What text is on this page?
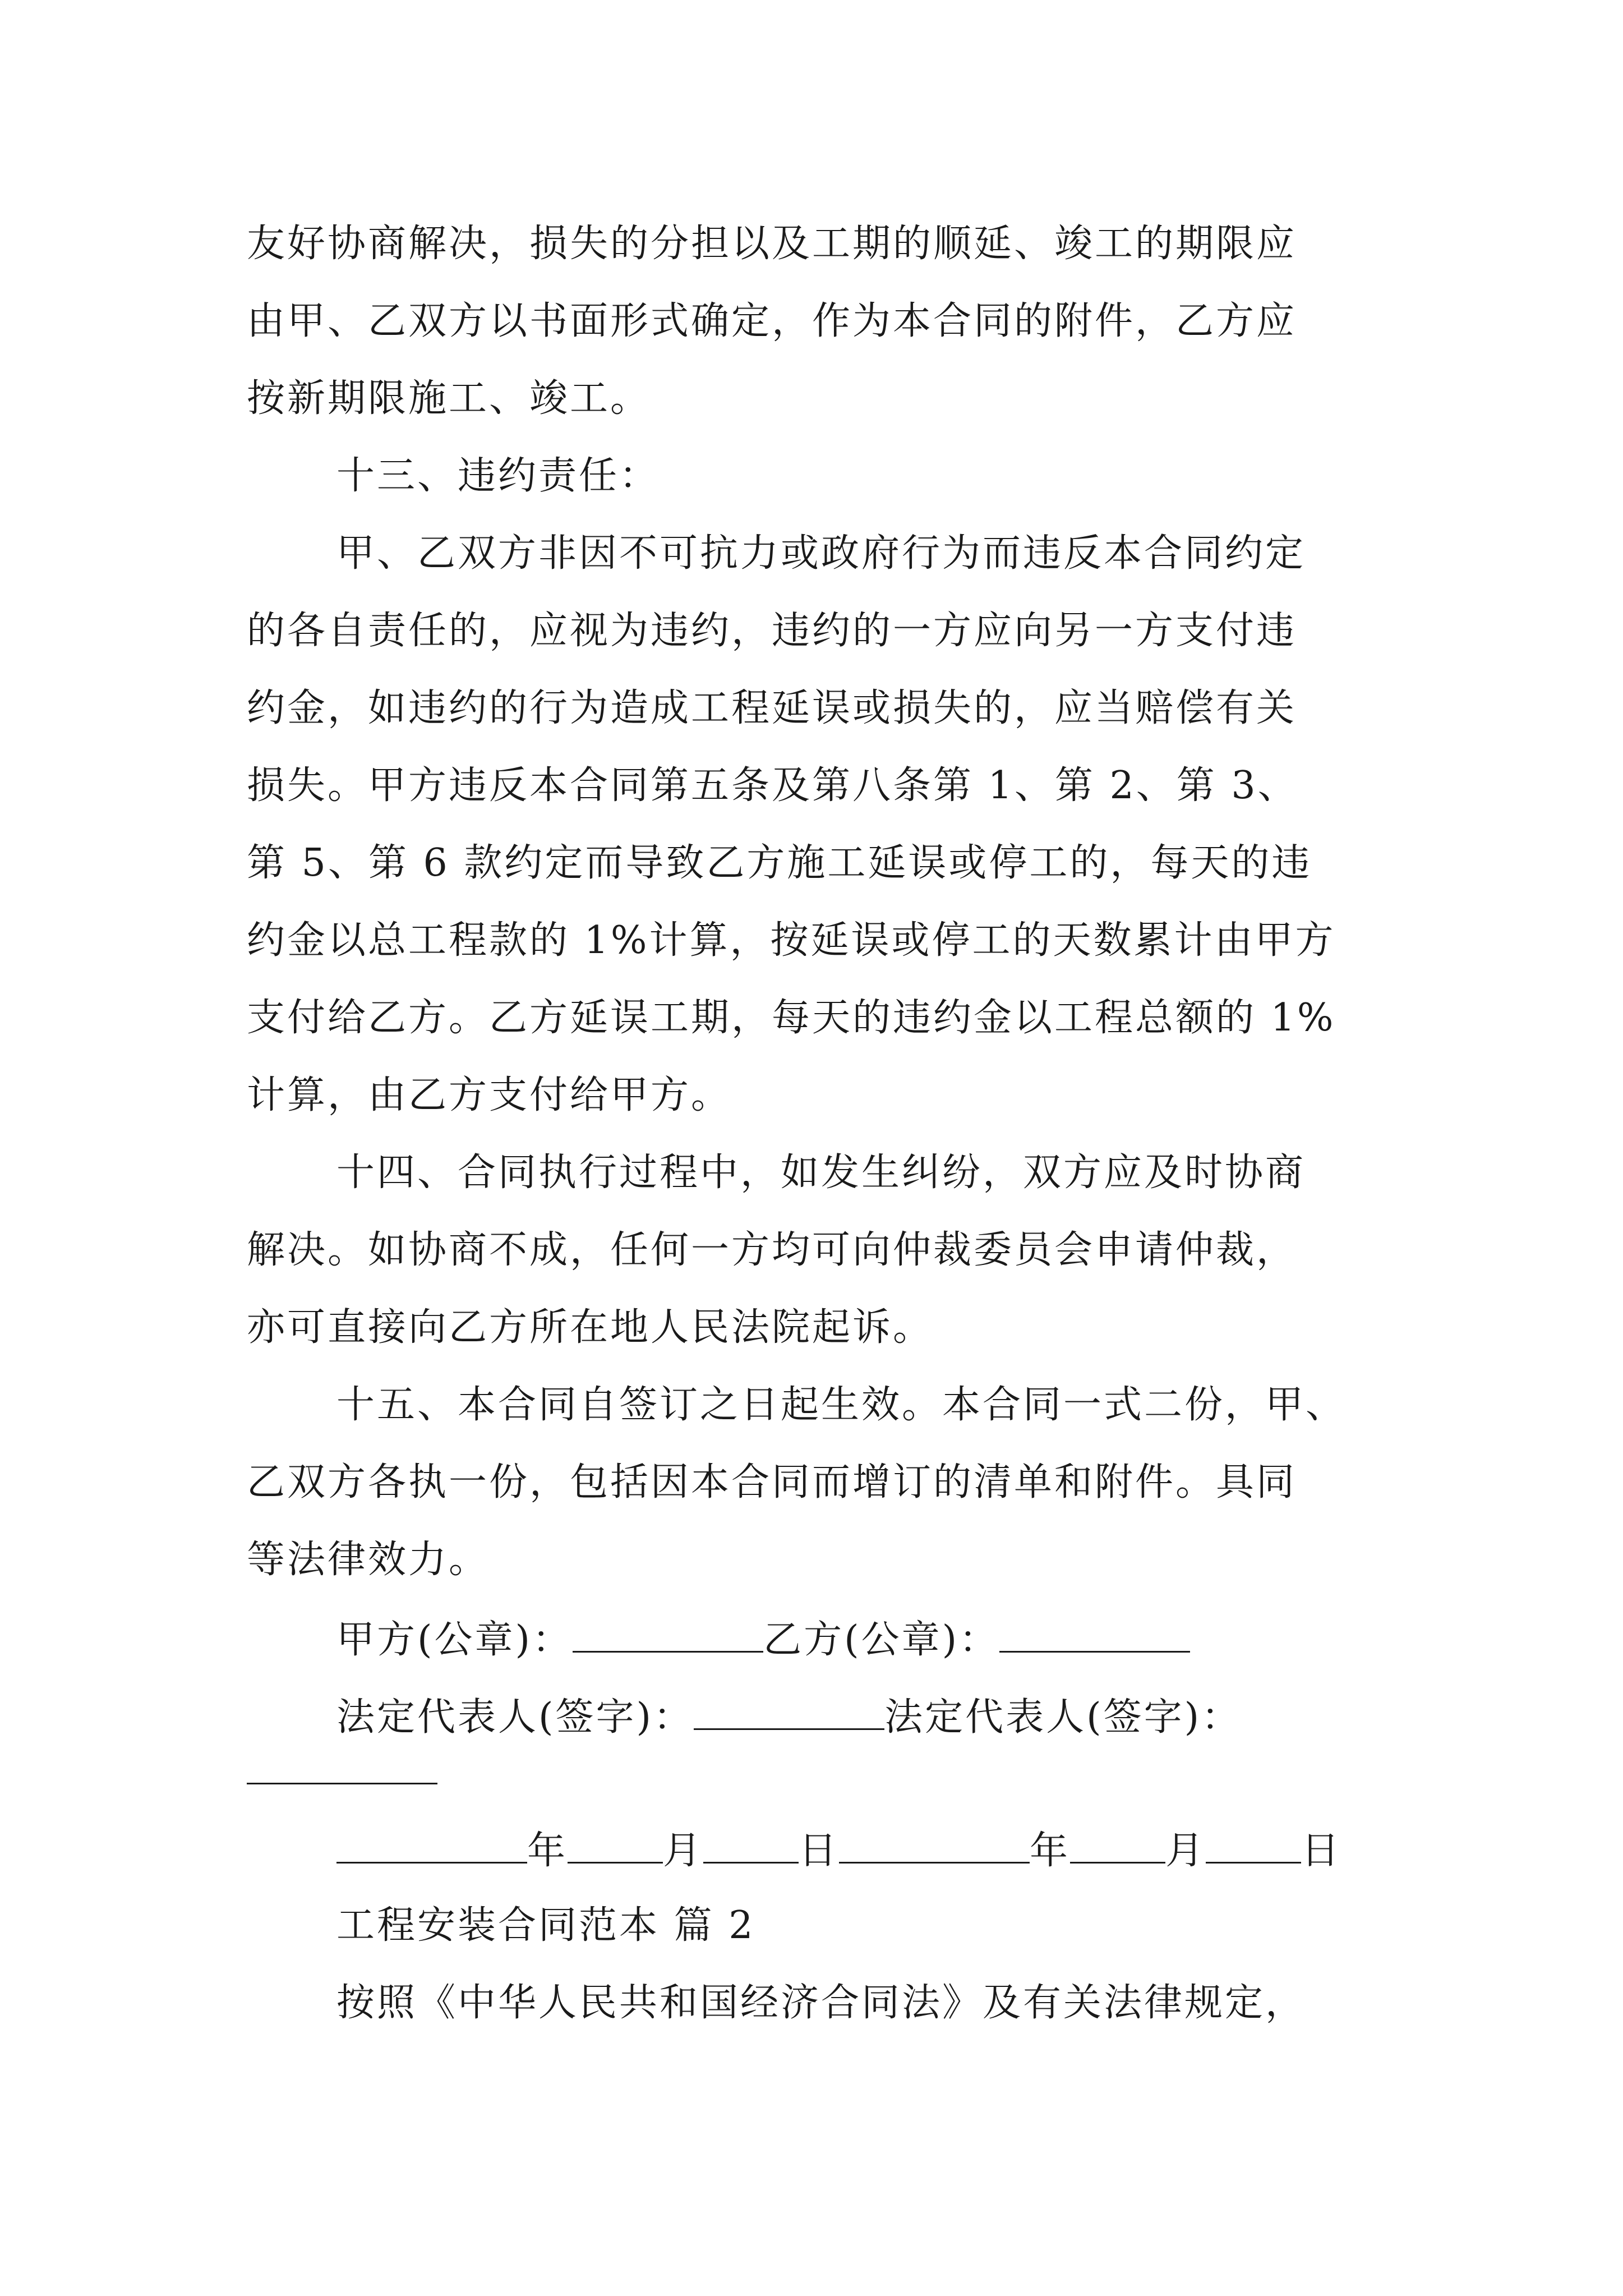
友好协商解决，损失的分担以及工期的顺延、竣工的期限应
由甲、乙双方以书面形式确定，作为本合同的附件，乙方应
按新期限施工、竣工。
十三、违约责任：
甲、乙双方非因不可抗力或政府行为而违反本合同约定
的各自责任的，应视为违约，违约的一方应向另一方支付违
约金，如违约的行为造成工程延误或损失的，应当赔偿有关
损失。甲方违反本合同第五条及第八条第 1、第 2、第 3、
第 5、第 6 款约定而导致乙方施工延误或停工的，每天的违
约金以总工程款的 1%计算，按延误或停工的天数累计由甲方
支付给乙方。乙方延误工期，每天的违约金以工程总额的 1%
计算，由乙方支付给甲方。
十四、合同执行过程中，如发生纠纷，双方应及时协商
解决。如协商不成，任何一方均可向仲裁委员会申请仲裁，
亦可直接向乙方所在地人民法院起诉。
十五、本合同自签订之日起生效。本合同一式二份，甲、
乙双方各执一份，包括因本合同而增订的清单和附件。具同
等法律效力。
甲方(公章)：	乙方(公章)：
法定代表人(签字)：	法定代表人(签字)：
年	月	日	年	月	日
工程安装合同范本 篇 2
按照《中华人民共和国经济合同法》及有关法律规定，
